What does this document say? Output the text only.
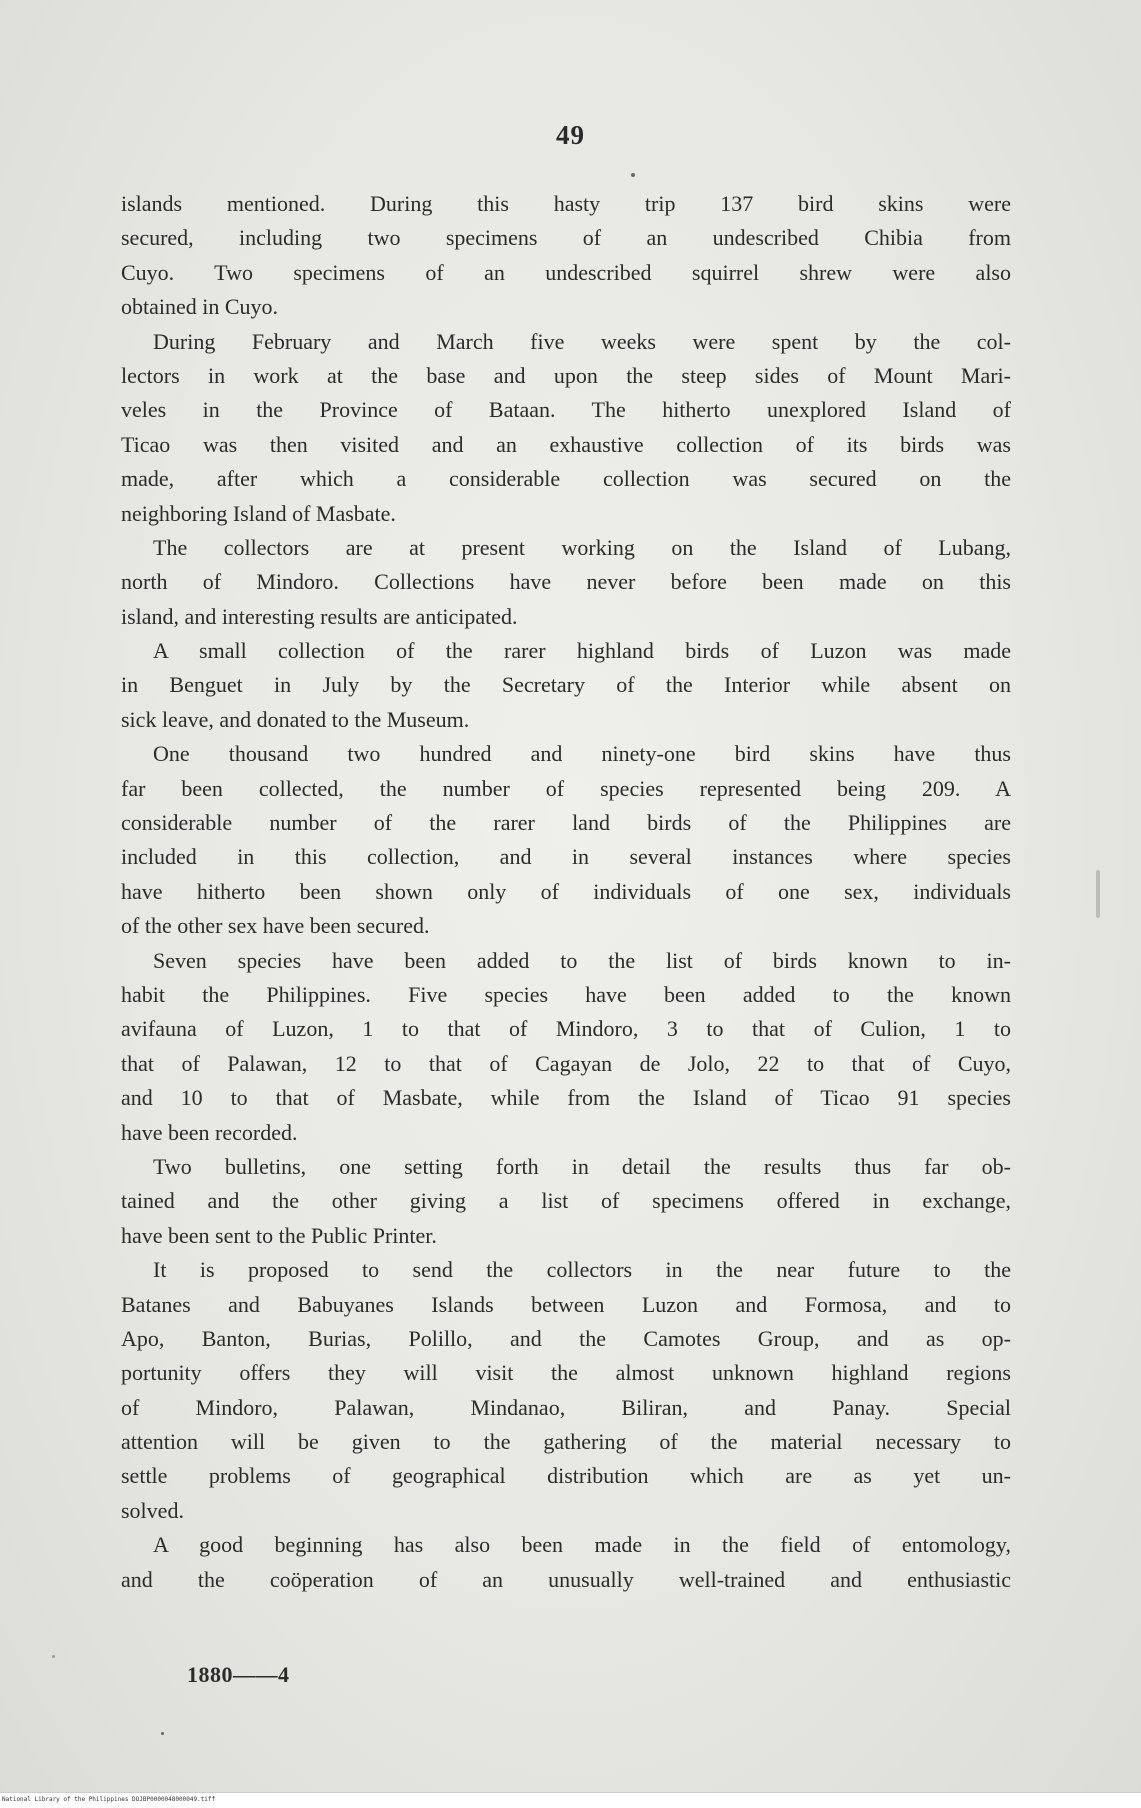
49
islands mentioned. During this hasty trip 137 bird skins were
secured, including two specimens of an undescribed Chibia from
Cuyo. Two specimens of an undescribed squirrel shrew were also
obtained in Cuyo.
During February and March five weeks were spent by the col-
lectors in work at the base and upon the steep sides of Mount Mari-
veles in the Province of Bataan. The hitherto unexplored Island of
Ticao was then visited and an exhaustive collection of its birds was
made, after which a considerable collection was secured on the
neighboring Island of Masbate.
The collectors are at present working on the Island of Lubang,
north of Mindoro. Collections have never before been made on this
island, and interesting results are anticipated.
A small collection of the rarer highland birds of Luzon was made
in Benguet in July by the Secretary of the Interior while absent on
sick leave, and donated to the Museum.
One thousand two hundred and ninety-one bird skins have thus
far been collected, the number of species represented being 209. A
considerable number of the rarer land birds of the Philippines are
included in this collection, and in several instances where species
have hitherto been shown only of individuals of one sex, individuals
of the other sex have been secured.
Seven species have been added to the list of birds known to in-
habit the Philippines. Five species have been added to the known
avifauna of Luzon, 1 to that of Mindoro, 3 to that of Culion, 1 to
that of Palawan, 12 to that of Cagayan de Jolo, 22 to that of Cuyo,
and 10 to that of Masbate, while from the Island of Ticao 91 species
have been recorded.
Two bulletins, one setting forth in detail the results thus far ob-
tained and the other giving a list of specimens offered in exchange,
have been sent to the Public Printer.
It is proposed to send the collectors in the near future to the
Batanes and Babuyanes Islands between Luzon and Formosa, and to
Apo, Banton, Burias, Polillo, and the Camotes Group, and as op-
portunity offers they will visit the almost unknown highland regions
of Mindoro, Palawan, Mindanao, Biliran, and Panay. Special
attention will be given to the gathering of the material necessary to
settle problems of geographical distribution which are as yet un-
solved.
A good beginning has also been made in the field of entomology,
and the coöperation of an unusually well-trained and enthusiastic
1880——4
National Library of the Philippines DOJBP0000048000049.tiff
